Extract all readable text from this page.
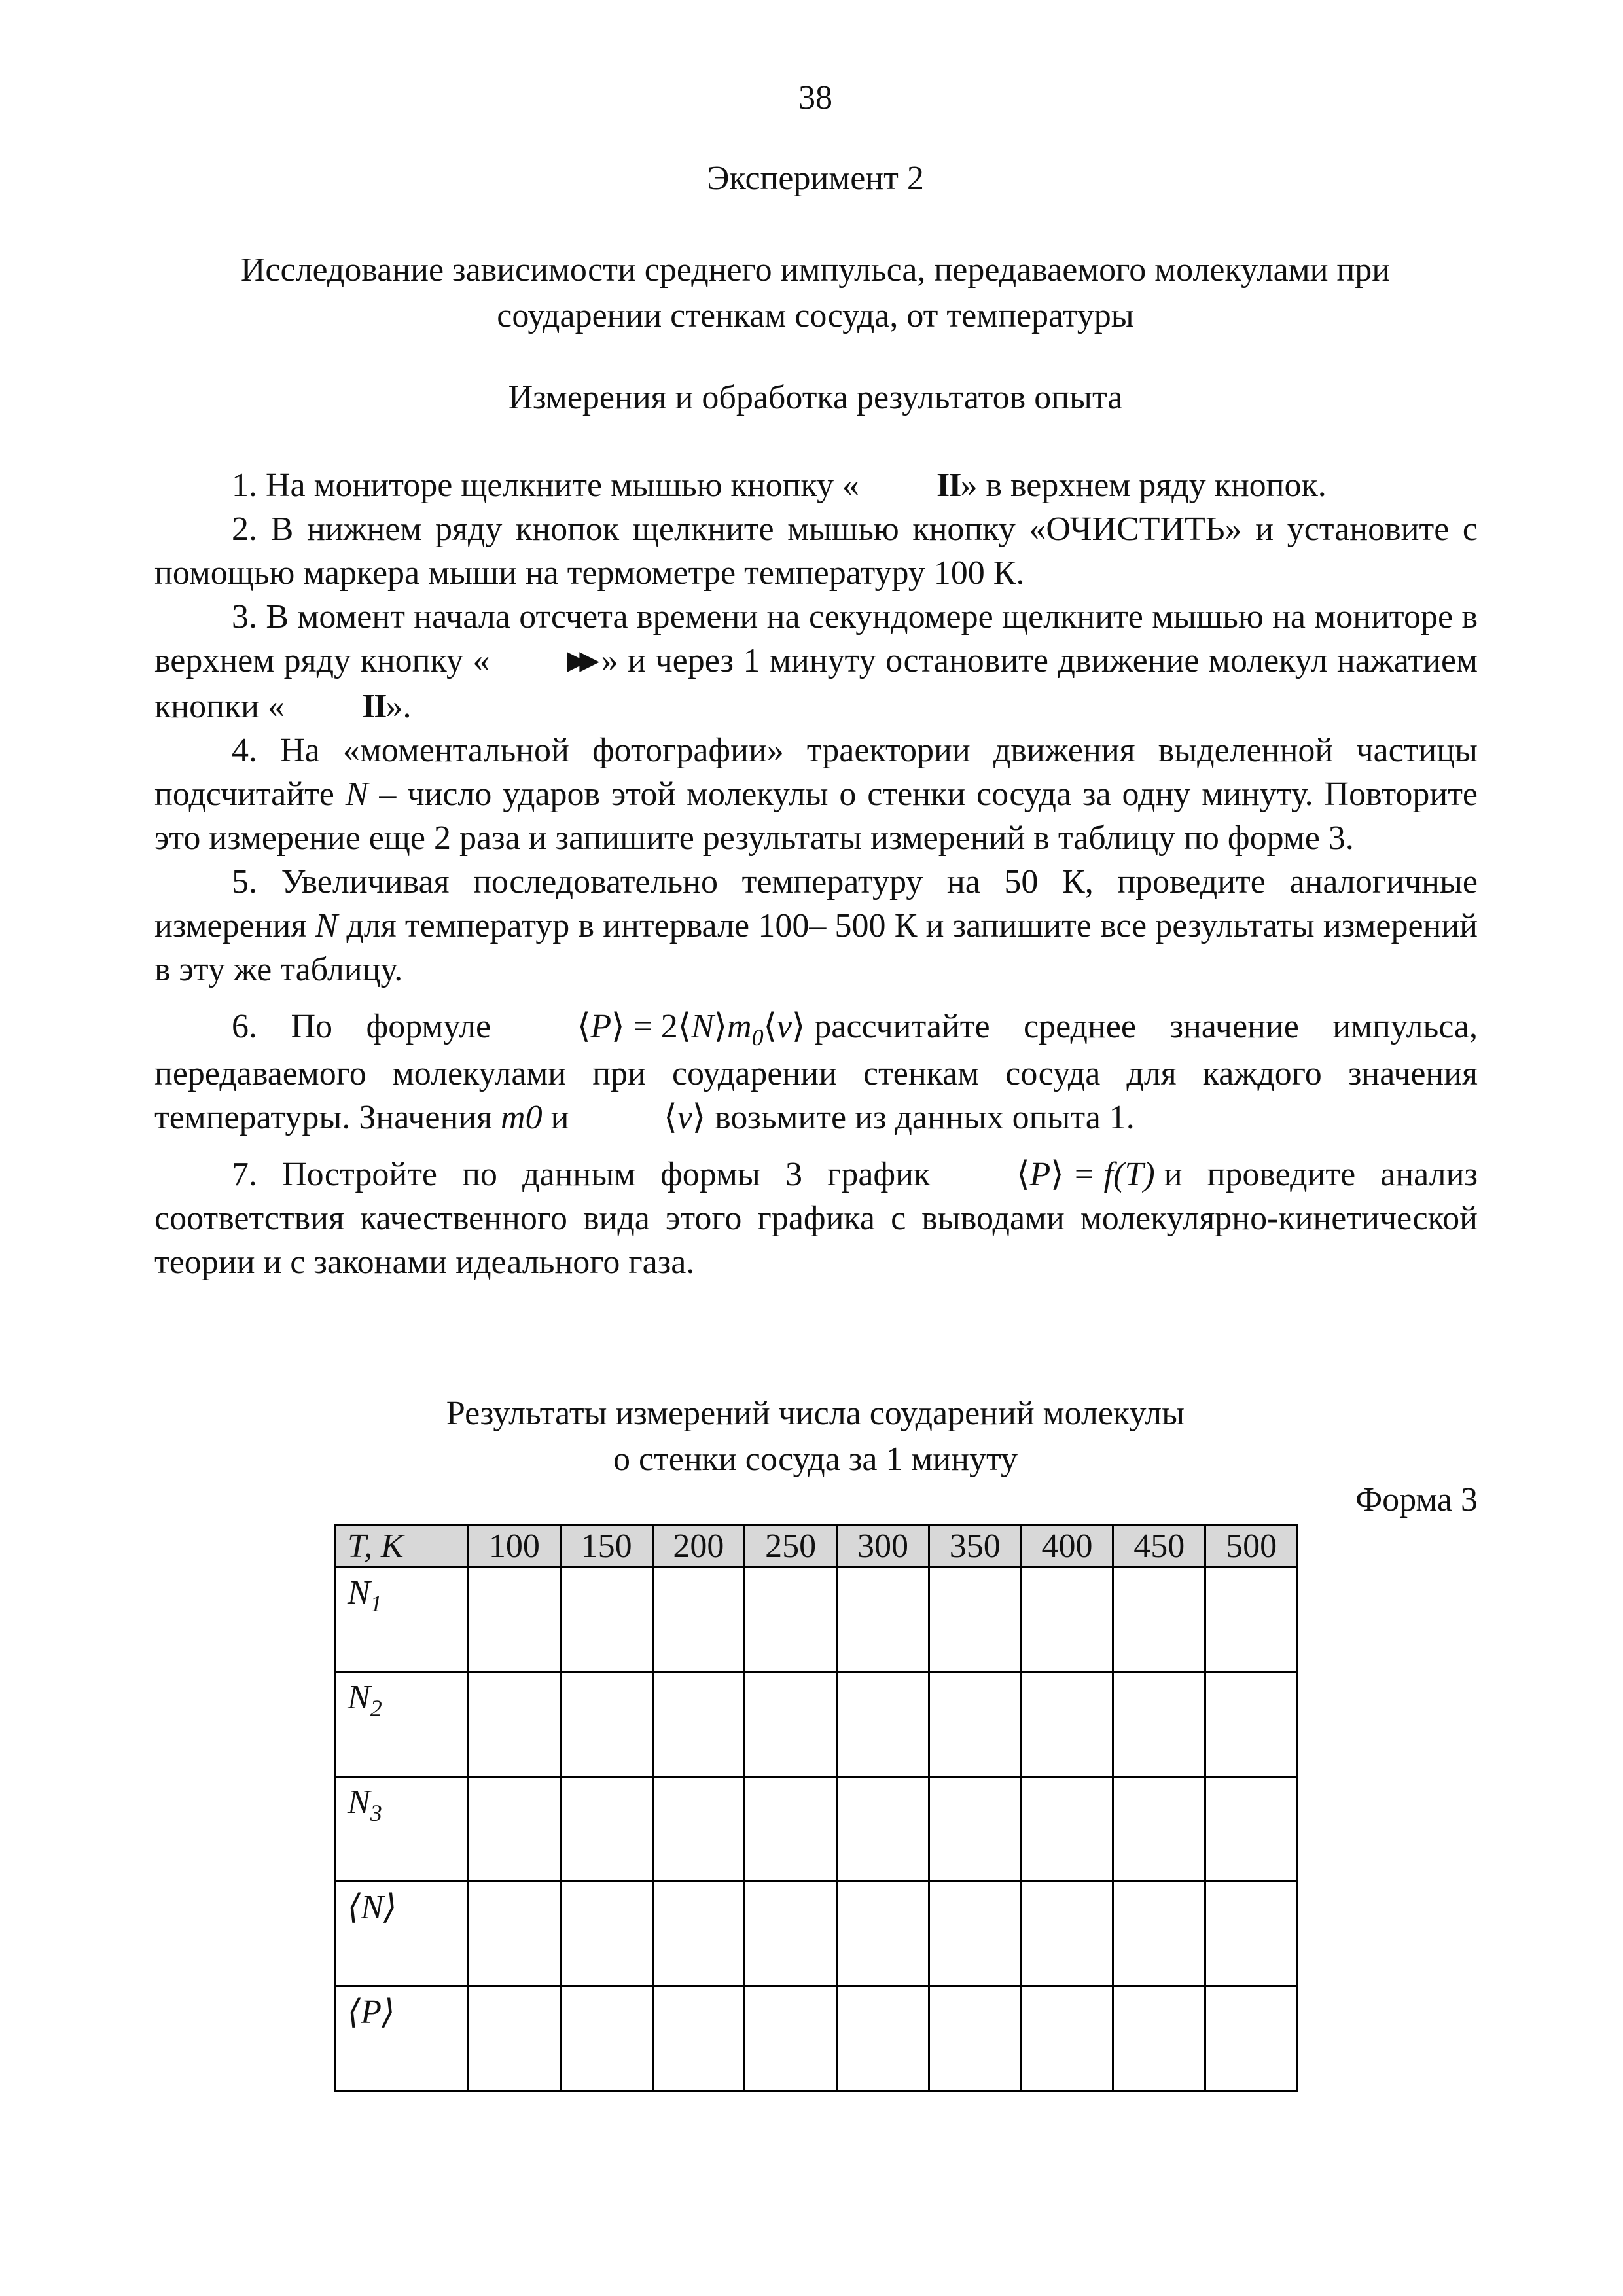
38
Эксперимент 2
Исследование зависимости среднего импульса, передаваемого молекулами при
соударении стенкам сосуда, от температуры
Измерения и обработка результатов опыта

1. На мониторе щелкните мышью кнопку « II» в верхнем ряду кнопок.

2. В нижнем ряду кнопок щелкните мышью кнопку «ОЧИСТИТЬ» и установите с помощью маркера мыши на термометре температуру 100 К.

3. В момент начала отсчета времени на секундомере щелкните мышью на мониторе в верхнем ряду кнопку «	▶▶ » и через 1 минуту остановите движение молекул нажатием кнопки « II».

4. На «моментальной фотографии» траектории движения выделенной частицы подсчитайте N – число ударов этой молекулы о стенки сосуда за одну минуту. Повторите это измерение еще 2 раза и запишите результаты измерений в таблицу по форме 3.

5. Увеличивая последовательно температуру на 50 К, проведите аналогичные измерения N для температур в интервале 100– 500 К и запишите все результаты измерений в эту же таблицу.

6. По формуле	⟨P⟩ = $2⟨N⟩m_0⟨v⟩$ рассчитайте среднее значение импульса, передаваемого молекулами при соударении стенкам сосуда для каждого значения температуры. Значения m0 и	⟨v⟩ возьмите из данных опыта 1.

7. Постройте по данным формы 3 график	⟨P⟩ = f(T) и проведите анализ соответствия качественного вида этого графика с выводами молекулярно-кинетической теории и с законами идеального газа.

Результаты измерений числа соударений молекулы
о стенки сосуда за 1 минуту
Форма 3
T, K	100	150	200	250	300	350	400	450	500
$N_1$									
$N_2$									
$N_3$									
⟨N⟩									
⟨P⟩									
